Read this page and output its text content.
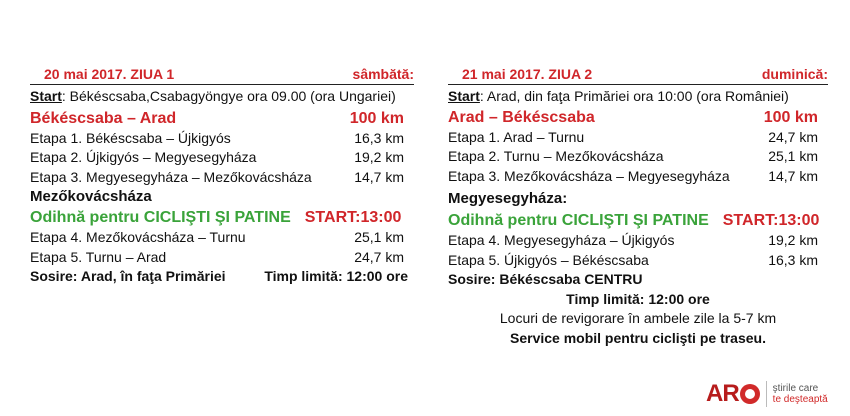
20 mai 2017. ZIUA 1	sâmbătă:
Start: Békéscsaba,Csabagyöngye ora 09.00 (ora Ungariei)
Békéscsaba – Arad	100 km
Etapa 1. Békéscsaba – Újkigyós	16,3 km
Etapa 2. Újkigyós – Megyesegyháza	19,2 km
Etapa 3. Megyesegyháza – Mezőkovácsháza	14,7 km
Mezőkovácsháza
Odihnă pentru CICLIŞTI ŞI PATINE START:13:00
Etapa 4. Mezőkovácsháza – Turnu	25,1 km
Etapa 5. Turnu – Arad	24,7 km
Sosire: Arad, în faţa Primăriei	Timp limită: 12:00 ore
21 mai 2017. ZIUA 2	duminică:
Start: Arad, din faţa Primăriei ora 10:00 (ora României)
Arad – Békéscsaba	100 km
Etapa 1. Arad – Turnu	24,7 km
Etapa 2. Turnu – Mezőkovácsháza	25,1 km
Etapa 3. Mezőkovácsháza – Megyesegyháza	14,7 km
Megyesegyháza:
Odihnă pentru CICLIŞTI ŞI PATINE START:13:00
Etapa 4. Megyesegyháza – Újkigyós	19,2 km
Etapa 5. Újkigyós – Békéscsaba	16,3 km
Sosire: Békéscsaba CENTRU
Timp limită: 12:00 ore
Locuri de revigorare în ambele zile la 5-7 km
Service mobil pentru ciclişti pe traseu.
AR	ştirile care
te deşteaptă
